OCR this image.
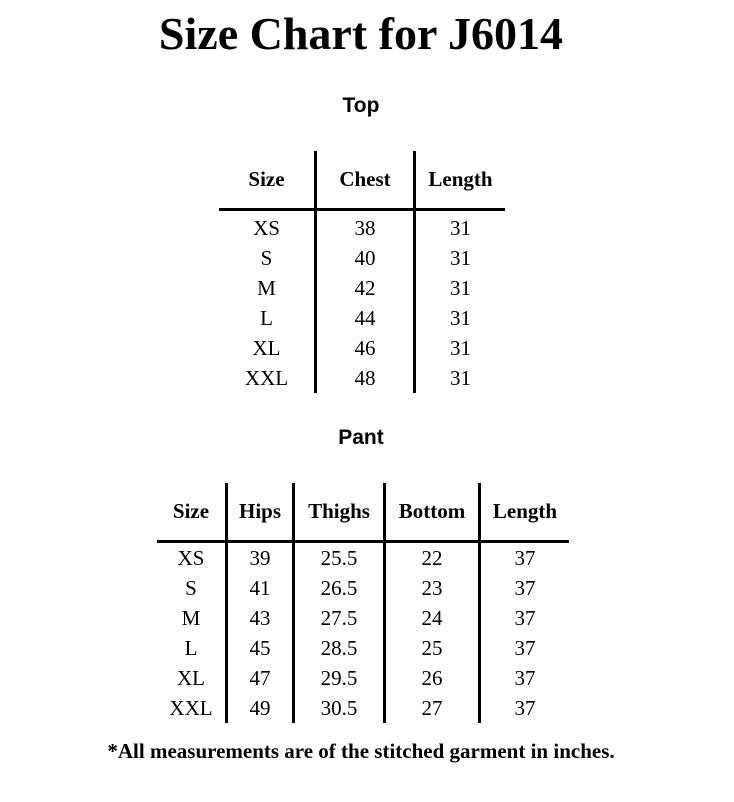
Size Chart for J6014
Top
Size	Chest	Length
XS	38	31
S	40	31
M	42	31
L	44	31
XL	46	31
XXL	48	31
Pant
Size	Hips	Thighs	Bottom	Length
XS	39	25.5	22	37
S	41	26.5	23	37
M	43	27.5	24	37
L	45	28.5	25	37
XL	47	29.5	26	37
XXL	49	30.5	27	37

*All measurements are of the stitched garment in inches.
